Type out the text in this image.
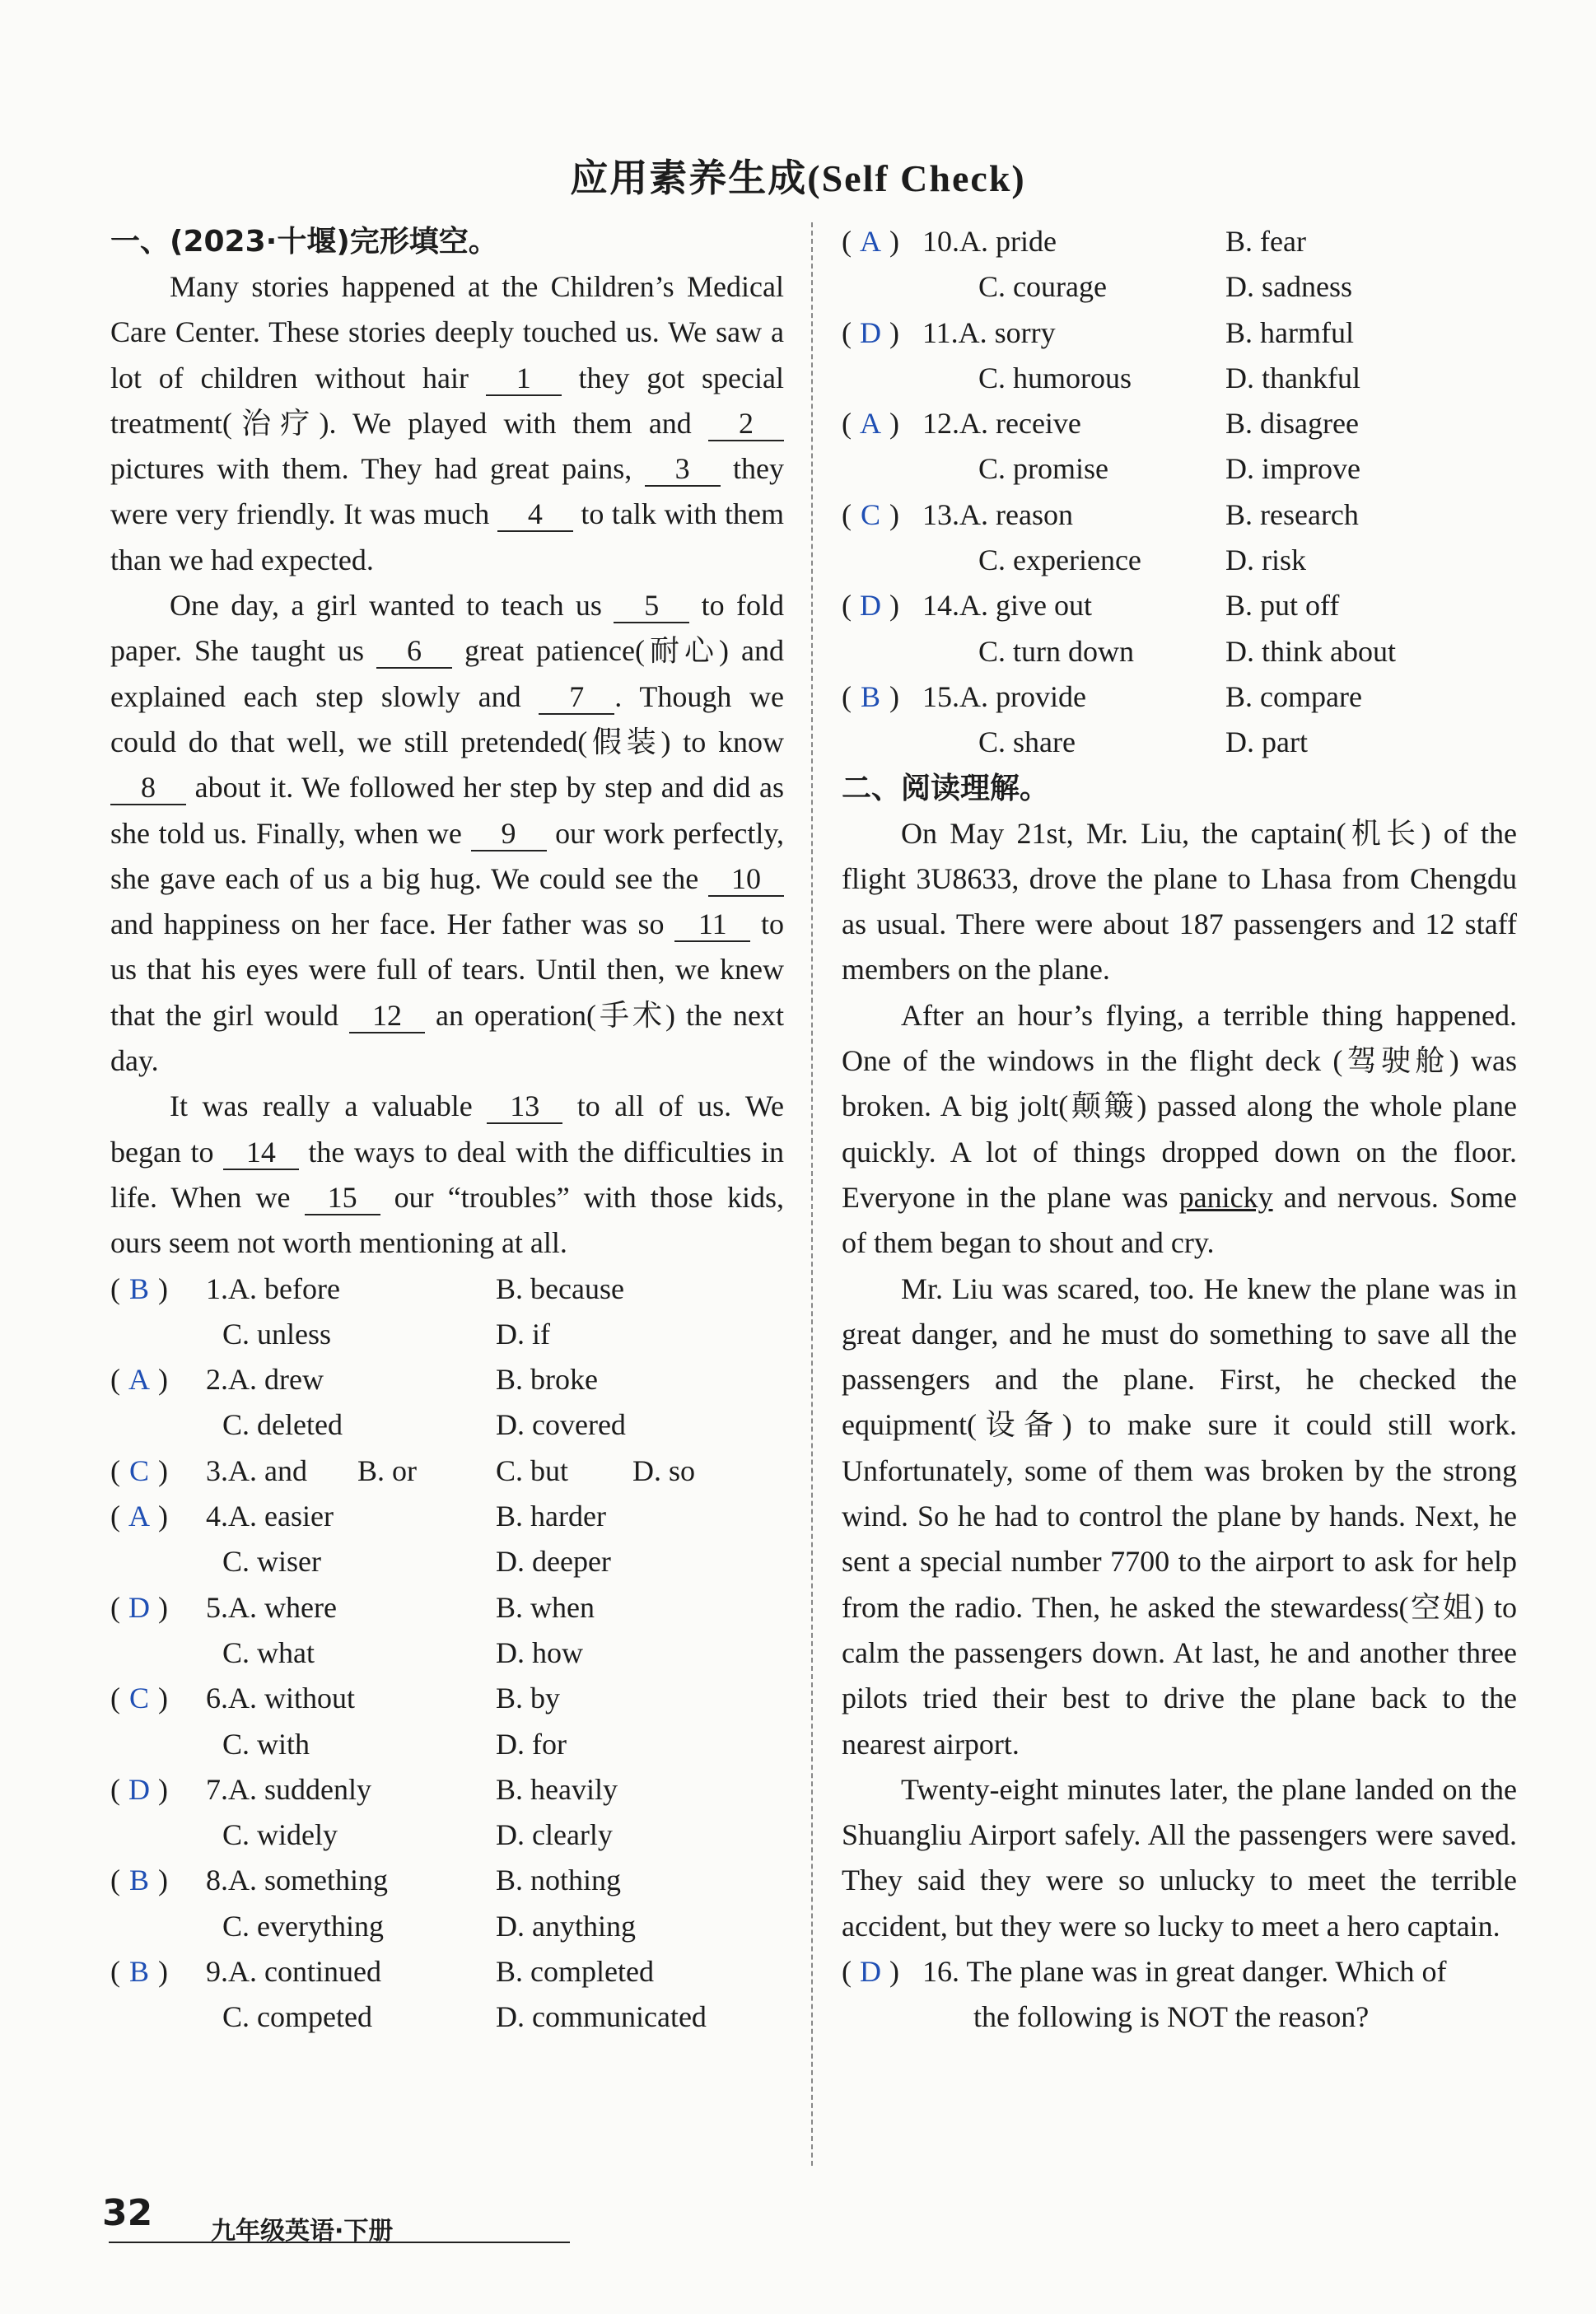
应用素养生成(Self Check)
一、(2023·十堰)完形填空。

Many stories happened at the Children’s Medical Care Center. These stories deeply touched us. We saw a lot of children without hair 1 they got special treatment(治疗). We played with them and 2 pictures with them. They had great pains, 3 they were very friendly. It was much 4 to talk with them than we had expected.

One day, a girl wanted to teach us 5 to fold paper. She taught us 6 great patience(耐心) and explained each step slowly and 7 . Though we could do that well, we still pretended(假装) to know 8 about it. We followed her step by step and did as she told us. Finally, when we 9 our work perfectly, she gave each of us a big hug. We could see the 10 and happiness on her face. Her father was so 11 to us that his eyes were full of tears. Until then, we knew that the girl would 12 an operation(手术) the next day.

It was really a valuable 13 to all of us. We began to 14 the ways to deal with the difficulties in life. When we 15 our “troubles” with those kids, ours seem not worth mentioning at all.

( B ) 1.A. before	B. because
C. unless	D. if
( A ) 2.A. drew	B. broke
C. deleted	D. covered
( C ) 3.A. and B. or	C. but D. so
( A ) 4.A. easier	B. harder
C. wiser	D. deeper
( D ) 5.A. where	B. when
C. what	D. how
( C ) 6.A. without	B. by
C. with	D. for
( D ) 7.A. suddenly	B. heavily
C. widely	D. clearly
( B ) 8.A. something	B. nothing
C. everything	D. anything
( B ) 9.A. continued	B. completed
C. competed	D. communicated
( A ) 10.A. pride	B. fear
C. courage	D. sadness
( D ) 11.A. sorry	B. harmful
C. humorous	D. thankful
( A ) 12.A. receive	B. disagree
C. promise	D. improve
( C ) 13.A. reason	B. research
C. experience	D. risk
( D ) 14.A. give out	B. put off
C. turn down	D. think about
( B ) 15.A. provide	B. compare
C. share	D. part
二、阅读理解。

On May 21st, Mr. Liu, the captain(机长) of the flight 3U8633, drove the plane to Lhasa from Chengdu as usual. There were about 187 passengers and 12 staff members on the plane.

After an hour’s flying, a terrible thing happened. One of the windows in the flight deck (驾驶舱) was broken. A big jolt(颠簸) passed along the whole plane quickly. A lot of things dropped down on the floor. Everyone in the plane was panicky and nervous. Some of them began to shout and cry.

Mr. Liu was scared, too. He knew the plane was in great danger, and he must do something to save all the passengers and the plane. First, he checked the equipment(设备) to make sure it could still work. Unfortunately, some of them was broken by the strong wind. So he had to control the plane by hands. Next, he sent a special number 7700 to the airport to ask for help from the radio. Then, he asked the stewardess(空姐) to calm the passengers down. At last, he and another three pilots tried their best to drive the plane back to the nearest airport.

Twenty-eight minutes later, the plane landed on the Shuangliu Airport safely. All the passengers were saved. They said they were so unlucky to meet the terrible accident, but they were so lucky to meet a hero captain.

( D ) 16. The plane was in great danger. Which of
the following is NOT the reason?
32 九年级英语·下册
